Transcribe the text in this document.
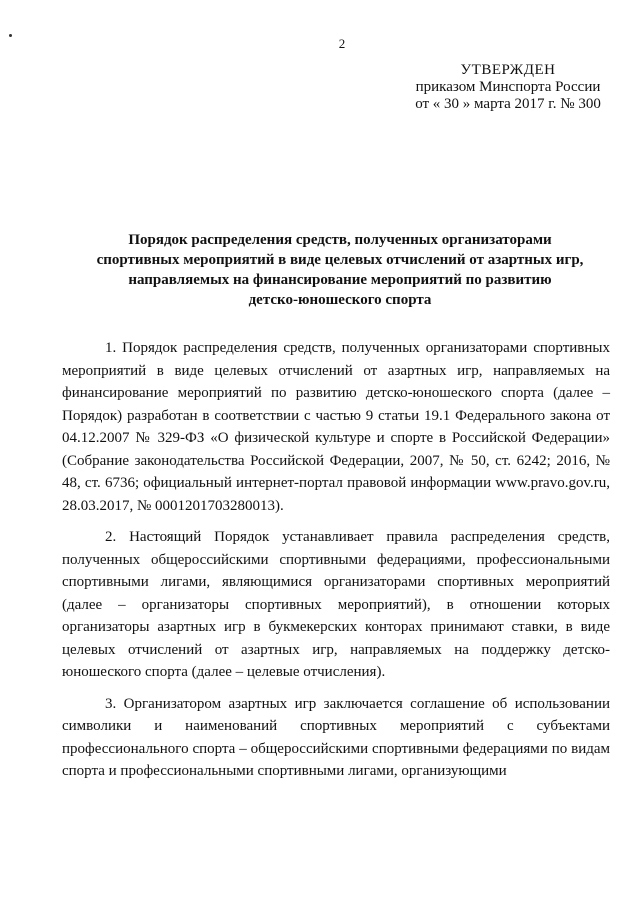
2
УТВЕРЖДЕН
приказом Минспорта России
от « 30 » марта 2017 г. № 300
Порядок распределения средств, полученных организаторами
спортивных мероприятий в виде целевых отчислений от азартных игр,
направляемых на финансирование мероприятий по развитию
детско-юношеского спорта

1. Порядок распределения средств, полученных организаторами спортивных мероприятий в виде целевых отчислений от азартных игр, направляемых на финансирование мероприятий по развитию детско-юношеского спорта (далее – Порядок) разработан в соответствии с частью 9 статьи 19.1 Федерального закона от 04.12.2007 № 329-ФЗ «О физической культуре и спорте в Российской Федерации» (Собрание законодательства Российской Федерации, 2007, № 50, ст. 6242; 2016, № 48, ст. 6736; официальный интернет-портал правовой информации www.pravo.gov.ru, 28.03.2017, № 0001201703280013).

2. Настоящий Порядок устанавливает правила распределения средств, полученных общероссийскими спортивными федерациями, профессиональными спортивными лигами, являющимися организаторами спортивных мероприятий (далее – организаторы спортивных мероприятий), в отношении которых организаторы азартных игр в букмекерских конторах принимают ставки, в виде целевых отчислений от азартных игр, направляемых на поддержку детско-юношеского спорта (далее – целевые отчисления).

3. Организатором азартных игр заключается соглашение об использовании символики и наименований спортивных мероприятий с субъектами профессионального спорта – общероссийскими спортивными федерациями по видам спорта и профессиональными спортивными лигами, организующими
